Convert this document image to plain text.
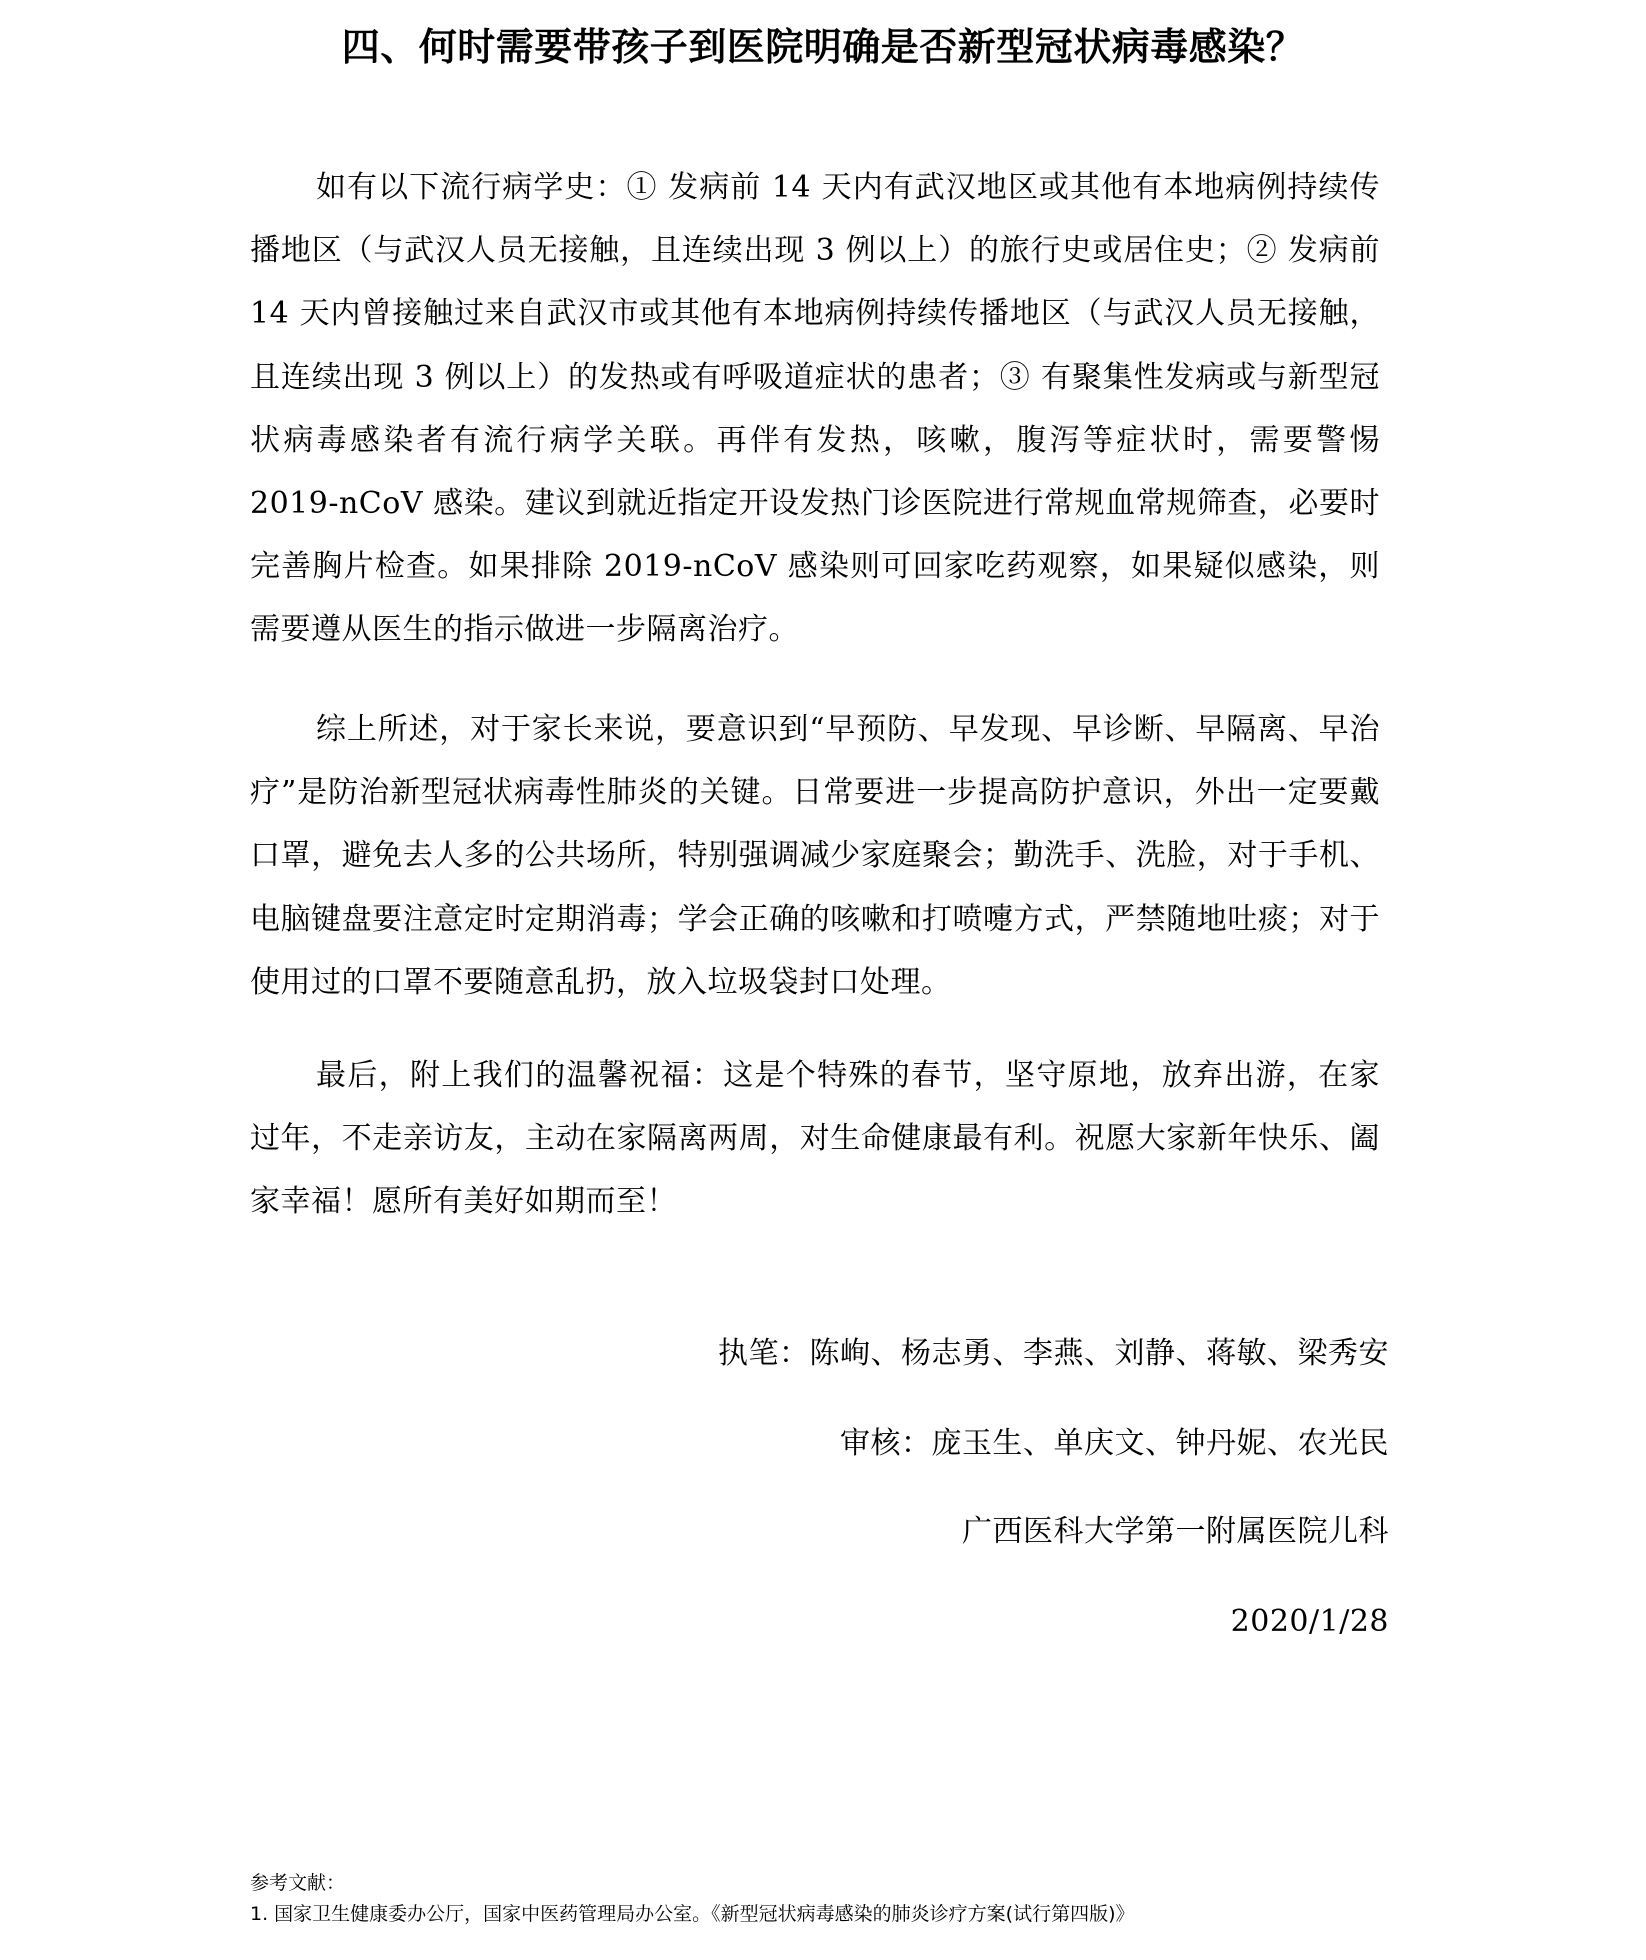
四、何时需要带孩子到医院明确是否新型冠状病毒感染？

如有以下流行病学史：① 发病前 14 天内有武汉地区或其他有本地病例持续传播地区（与武汉人员无接触，且连续出现 3 例以上）的旅行史或居住史；② 发病前 14 天内曾接触过来自武汉市或其他有本地病例持续传播地区（与武汉人员无接触，且连续出现 3 例以上）的发热或有呼吸道症状的患者；③ 有聚集性发病或与新型冠状病毒感染者有流行病学关联。再伴有发热，咳嗽，腹泻等症状时，需要警惕 2019-nCoV 感染。建议到就近指定开设发热门诊医院进行常规血常规筛查，必要时完善胸片检查。如果排除 2019-nCoV 感染则可回家吃药观察，如果疑似感染，则需要遵从医生的指示做进一步隔离治疗。

综上所述，对于家长来说，要意识到“早预防、早发现、早诊断、早隔离、早治疗”是防治新型冠状病毒性肺炎的关键。日常要进一步提高防护意识，外出一定要戴口罩，避免去人多的公共场所，特别强调减少家庭聚会；勤洗手、洗脸，对于手机、电脑键盘要注意定时定期消毒；学会正确的咳嗽和打喷嚏方式，严禁随地吐痰；对于使用过的口罩不要随意乱扔，放入垃圾袋封口处理。

最后，附上我们的温馨祝福：这是个特殊的春节，坚守原地，放弃出游，在家过年，不走亲访友，主动在家隔离两周，对生命健康最有利。祝愿大家新年快乐、阖家幸福！愿所有美好如期而至！

执笔：陈峋、杨志勇、李燕、刘静、蒋敏、梁秀安
审核：庞玉生、单庆文、钟丹妮、农光民
广西医科大学第一附属医院儿科
2020/1/28
参考文献：
1. 国家卫生健康委办公厅，国家中医药管理局办公室。《新型冠状病毒感染的肺炎诊疗方案(试行第四版)》
